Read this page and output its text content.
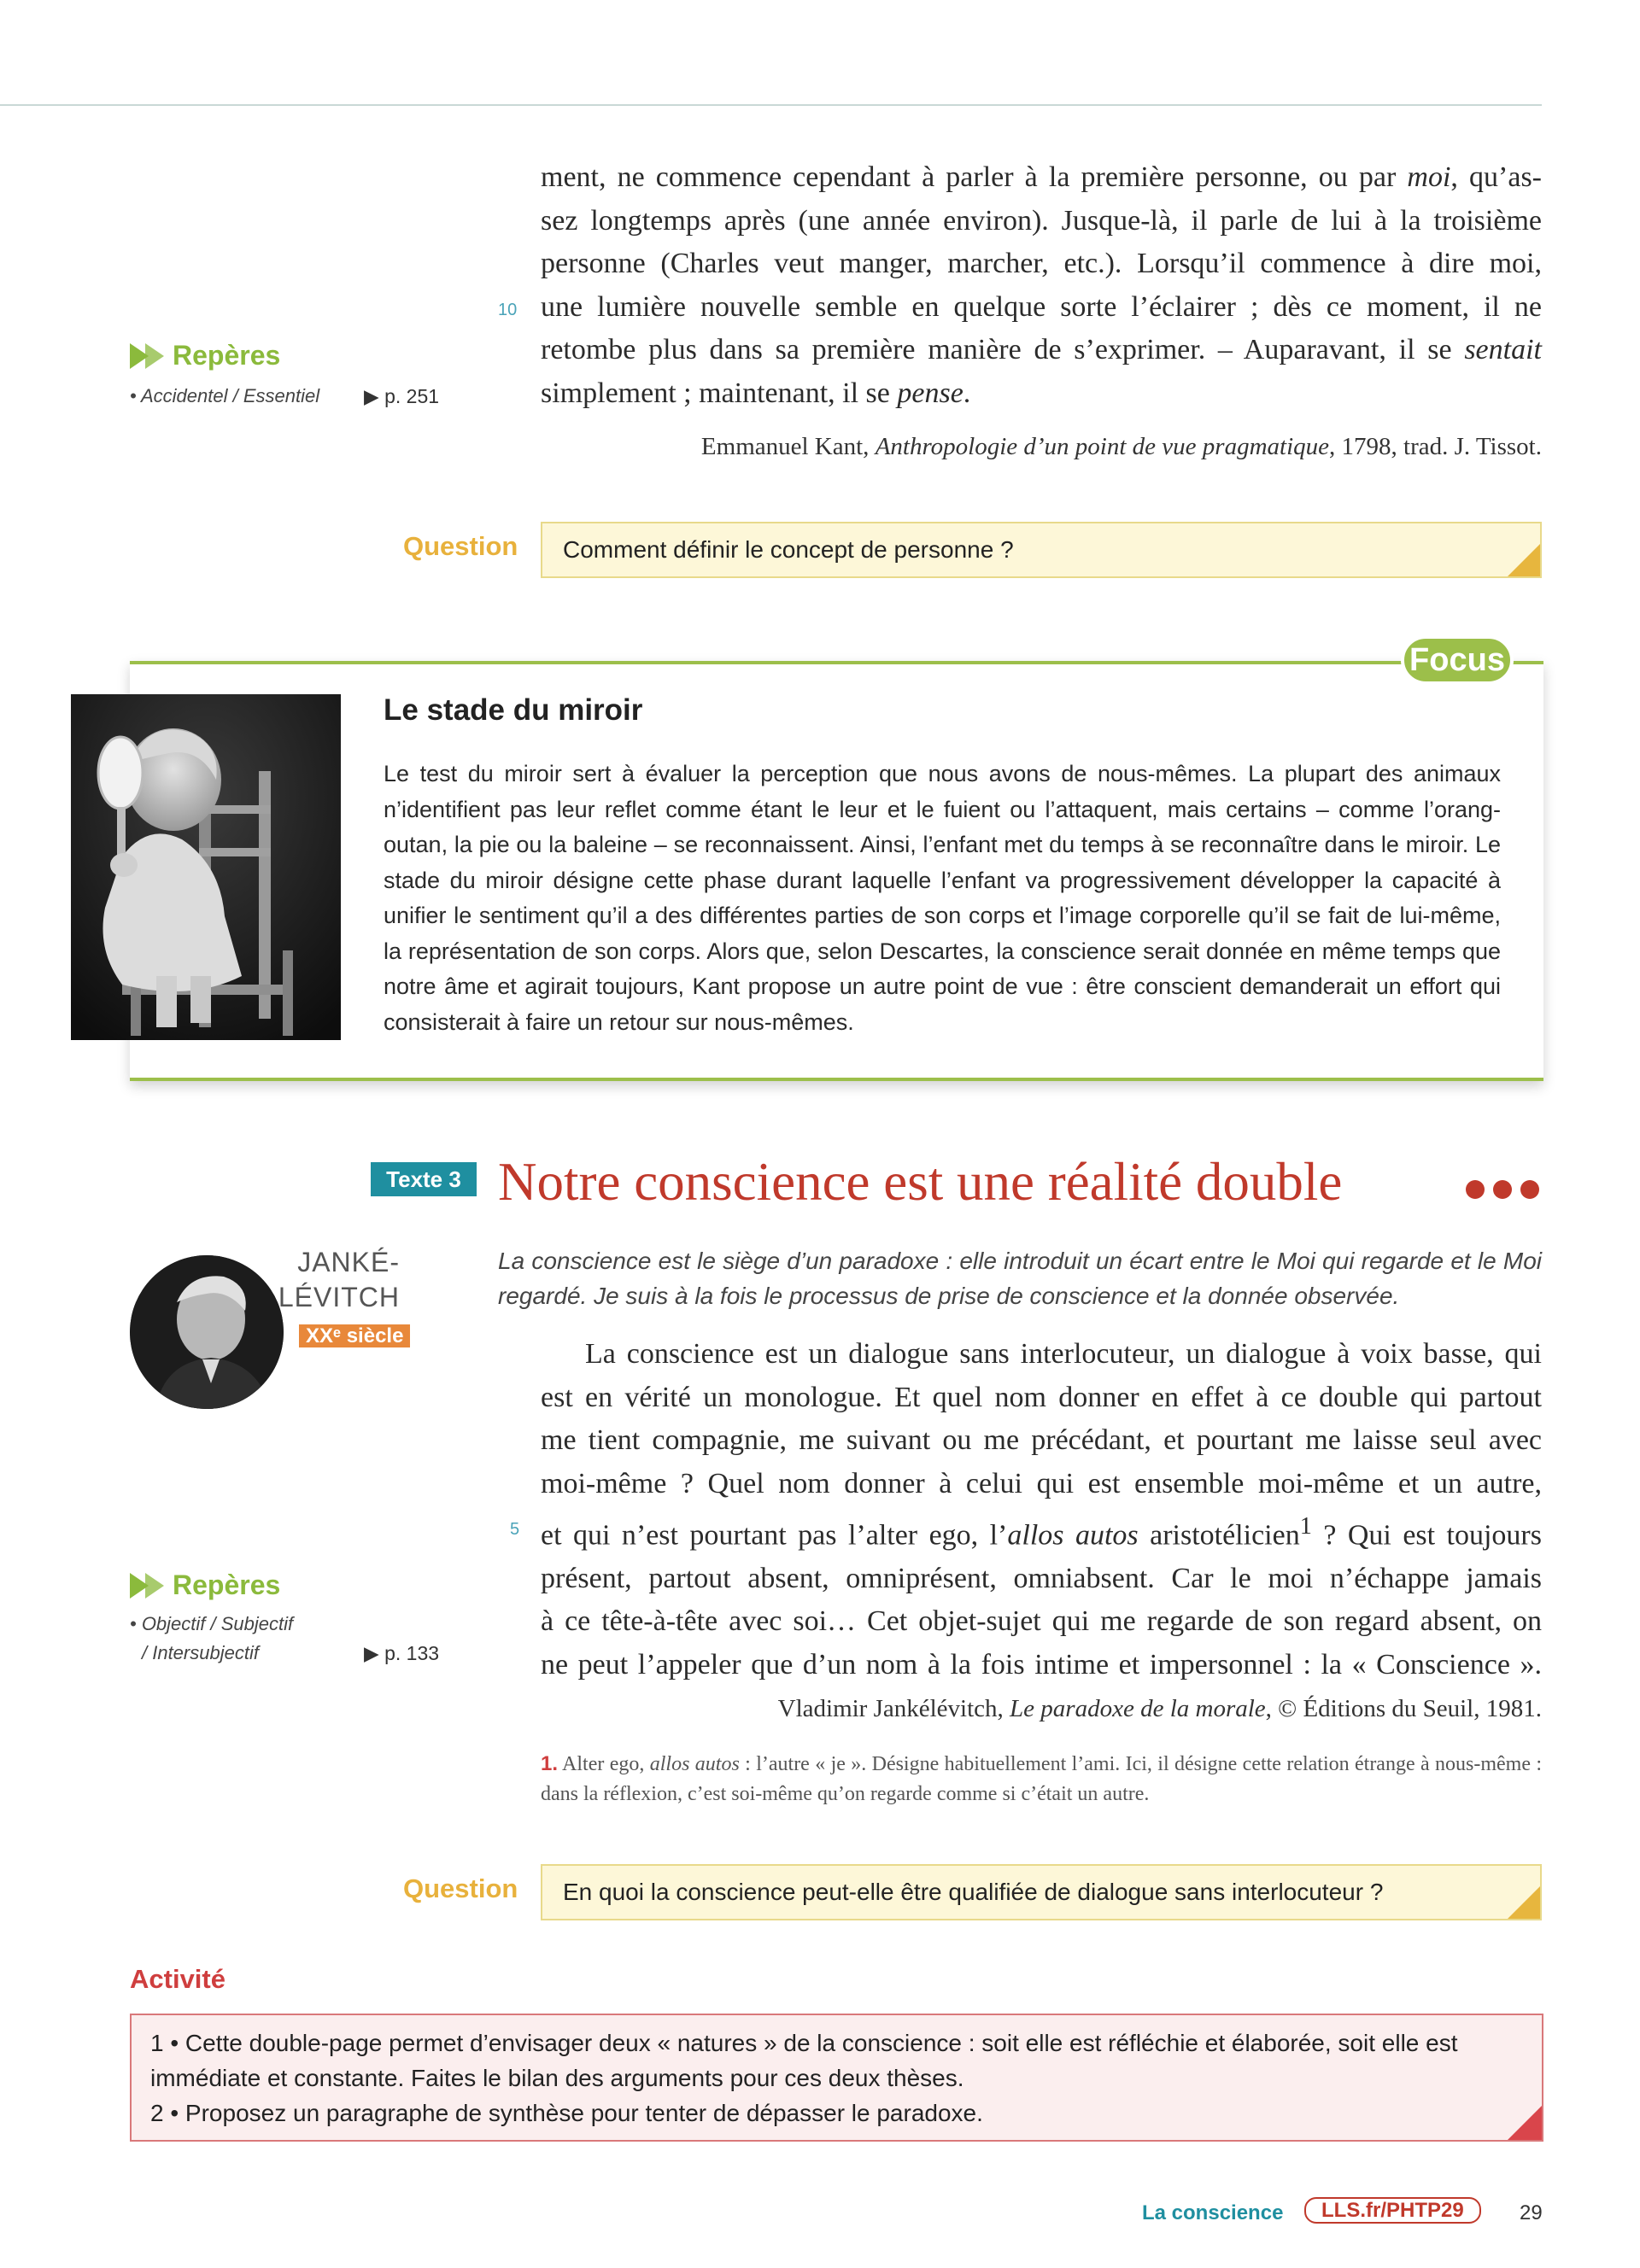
ment, ne commence cependant à parler à la première personne, ou par moi, qu’as-
sez longtemps après (une année environ). Jusque-là, il parle de lui à la troisième
personne (Charles veut manger, marcher, etc.). Lorsqu’il commence à dire moi,
une lumière nouvelle semble en quelque sorte l’éclairer ; dès ce moment, il ne
retombe plus dans sa première manière de s’exprimer. – Auparavant, il se sentait
simplement ; maintenant, il se pense.
10
Emmanuel Kant, Anthropologie d’un point de vue pragmatique, 1798, trad. J. Tissot.
Repères
• Accidentel / Essentiel ▶ p. 251
Question Comment définir le concept de personne ?
Focus
Le stade du miroir
Le test du miroir sert à évaluer la perception que nous avons de nous-mêmes. La plupart des animaux n’identifient pas leur reflet comme étant le leur et le fuient ou l’attaquent, mais certains – comme l’orang-outan, la pie ou la baleine – se reconnaissent. Ainsi, l’enfant met du temps à se reconnaître dans le miroir. Le stade du miroir désigne cette phase durant laquelle l’enfant va progressivement développer la capacité à unifier le sentiment qu’il a des différentes parties de son corps et l’image corporelle qu’il se fait de lui-même, la représentation de son corps. Alors que, selon Descartes, la conscience serait donnée en même temps que notre âme et agirait toujours, Kant propose un autre point de vue : être conscient demanderait un effort qui consisterait à faire un retour sur nous-mêmes.
Texte 3 Notre conscience est une réalité double
JANKÉ-
LÉVITCH
XXᵉ siècle
La conscience est le siège d’un paradoxe : elle introduit un écart entre le Moi qui regarde et le Moi regardé. Je suis à la fois le processus de prise de conscience et la donnée observée.
La conscience est un dialogue sans interlocuteur, un dialogue à voix basse, qui
est en vérité un monologue. Et quel nom donner en effet à ce double qui partout
me tient compagnie, me suivant ou me précédant, et pourtant me laisse seul avec
moi-même ? Quel nom donner à celui qui est ensemble moi-même et un autre,
et qui n’est pourtant pas l’alter ego, l’allos autos aristotélicien$^1$ ? Qui est toujours
présent, partout absent, omniprésent, omniabsent. Car le moi n’échappe jamais
à ce tête-à-tête avec soi… Cet objet-sujet qui me regarde de son regard absent, on
ne peut l’appeler que d’un nom à la fois intime et impersonnel : la « Conscience ».
5
Vladimir Jankélévitch, Le paradoxe de la morale, © Éditions du Seuil, 1981.
1. Alter ego, allos autos : l’autre « je ». Désigne habituellement l’ami. Ici, il désigne cette relation étrange à nous-même : dans la réflexion, c’est soi-même qu’on regarde comme si c’était un autre.
Repères
• Objectif / Subjectif
/ Intersubjectif	▶ p. 133
Question En quoi la conscience peut-elle être qualifiée de dialogue sans interlocuteur ?
Activité
1 • Cette double-page permet d’envisager deux « natures » de la conscience : soit elle est réfléchie et élaborée, soit elle est immédiate et constante. Faites le bilan des arguments pour ces deux thèses.
2 • Proposez un paragraphe de synthèse pour tenter de dépasser le paradoxe.
La conscience	LLS.fr/PHTP29	29
